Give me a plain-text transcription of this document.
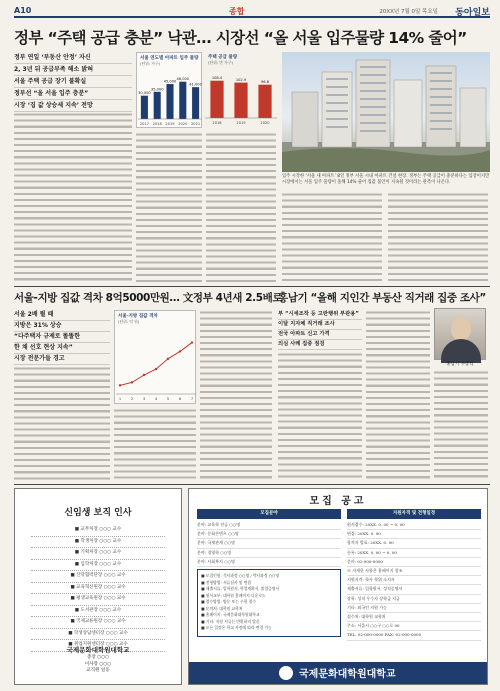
A10	종합	20XX년 7월 0일 목요일 동아일보
정부 “주택 공급 충분” 낙관… 시장선 “올 서울 입주물량 14% 줄어”
정부 연일 ‘부동산 안정’ 자신
2, 3년 뒤 공급부족 해소 밝혀
서울 주택 공급 장기 불확실
정부선 “올 서울 입주 충분”
시장 ‘집 값 상승세 지속’ 전망
서울 연도별 아파트 입주 물량
(단위: 가구)
30,000
2017
35,000
2018
45,000
2019
48,000
2020
41,000
2021
주택 공급 물량
(단위: 만 가구)
108.4
2018
102.9
2019
96.8
2020
입주 시작한 ‘서울 새 아파트’ 8일 정부 서울 시내 아파트 건설 현장. 정부는 주택 공급이 충분하다는 입장이지만 시장에서는 서울 입주 물량이 올해 14% 줄어 집값 불안이 지속될 것이라는 관측이 나온다.
서울-지방 집값 격차 8억5000만원… 文정부 4년새 2.5배로
홍남기 “올해 지인간 부동산 직거래 집중 조사”
서울 2배 뛸 때
지방은 31% 상승
“다주택자 규제로 똘똘한
한 채 선호 현상 지속”
시장 전문가들 경고
서울-지방 집값 격차
(단위: 억 원)
1	2	3	4	5	6	7
부 “시세조작 등 고란행위 부관용”
이달 지자체 직거래 조사
전국 아파트 신고 가격
의심 사례 집중 점검
홍남기 부총리
신임생 보직 인사
■ 교무처장 ○○○ 교수
■ 학생처장 ○○○ 교수
■ 기획처장 ○○○ 교수
■ 입학처장 ○○○ 교수
■ 산학협력단장 ○○○ 교수
■ 교육혁신원장 ○○○ 교수
■ 평생교육원장 ○○○ 교수
■ 도서관장 ○○○ 교수
■ 국제교류원장 ○○○ 교수
■ 학생상담센터장 ○○○ 교수
■ 취업지원센터장 ○○○ 교수
국제문화대학원대학교
총장 ○○○
이사장 ○○○
교직원 일동
모집 공고
모집분야	지원자격 및 전형일정
분야: 교육학 전공 ○○명
분야: 문화콘텐츠 ○○명
분야: 국제관계 ○○명
분야: 경영학 ○○명
분야: 사회복지 ○○명
■ 모집인원: 석사과정 ○○명 / 박사과정 ○○명
■ 전형방법: 서류심사 및 면접
■ 제출서류: 입학원서, 학업계획서, 졸업증명서
■ 원서교부: 대학원 홈페이지 다운로드
■ 접수방법: 방문 또는 우편 접수
■ 문의처: 대학원 교학처
■ 홈페이지: 국제문화대학원대학교
■ 기타: 지원 서류는 반환하지 않음
■ 모든 일정은 학교 사정에 따라 변경 가능
원서접수: 20XX. 0. 00 ~ 0. 00
면접: 20XX. 0. 00
합격자 발표: 20XX. 0. 00
등록: 20XX. 0. 00 ~ 0. 00
문의: 02-000-0000
※ 자세한 사항은 홈페이지 참조
지원자격: 학사 학위 소지자
제출서류: 입학원서, 성적증명서
장학: 성적 우수자 장학금 지급
기타: 외국인 지원 가능
접수처: 대학원 교학처
주소: 서울시 ○○구 ○○로 00
TEL: 02-000-0000 FAX: 02-000-0000
국제문화대학원대학교
